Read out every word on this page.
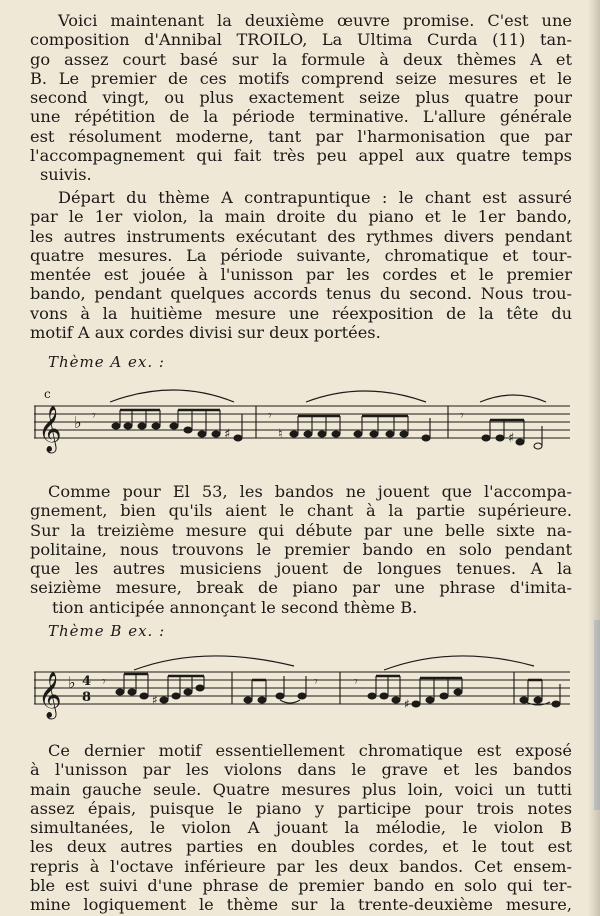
Voici maintenant la deuxième œuvre promise. C'est une
composition d'Annibal TROILO, La Ultima Curda (11) tan-
go assez court basé sur la formule à deux thèmes A et
B. Le premier de ces motifs comprend seize mesures et le
second vingt, ou plus exactement seize plus quatre pour
une répétition de la période terminative. L'allure générale
est résolument moderne, tant par l'harmonisation que par
l'accompagnement qui fait très peu appel aux quatre temps
suivis.
Départ du thème A contrapuntique : le chant est assuré
par le 1er violon, la main droite du piano et le 1er bando,
les autres instruments exécutant des rythmes divers pendant
quatre mesures. La période suivante, chromatique et tour-
mentée est jouée à l'unisson par les cordes et le premier
bando, pendant quelques accords tenus du second. Nous trou-
vons à la huitième mesure une réexposition de la tête du
motif A aux cordes divisi sur deux portées.
Thème A ex. :
𝄞
c
♭ 𝄾
♯
𝄾
♮
𝄾
♯
Comme pour El 53, les bandos ne jouent que l'accompa-
gnement, bien qu'ils aient le chant à la partie supérieure.
Sur la treizième mesure qui débute par une belle sixte na-
politaine, nous trouvons le premier bando en solo pendant
que les autres musiciens jouent de longues tenues. A la
seizième mesure, break de piano par une phrase d'imita-
tion anticipée annonçant le second thème B.
Thème B ex. :
𝄞 ♭ 4
8
𝄾
♯
𝄾	𝄾
♯
Ce dernier motif essentiellement chromatique est exposé
à l'unisson par les violons dans le grave et les bandos
main gauche seule. Quatre mesures plus loin, voici un tutti
assez épais, puisque le piano y participe pour trois notes
simultanées, le violon A jouant la mélodie, le violon B
les deux autres parties en doubles cordes, et le tout est
repris à l'octave inférieure par les deux bandos. Cet ensem-
ble est suivi d'une phrase de premier bando en solo qui ter-
mine logiquement le thème sur la trente-deuxième mesure,
